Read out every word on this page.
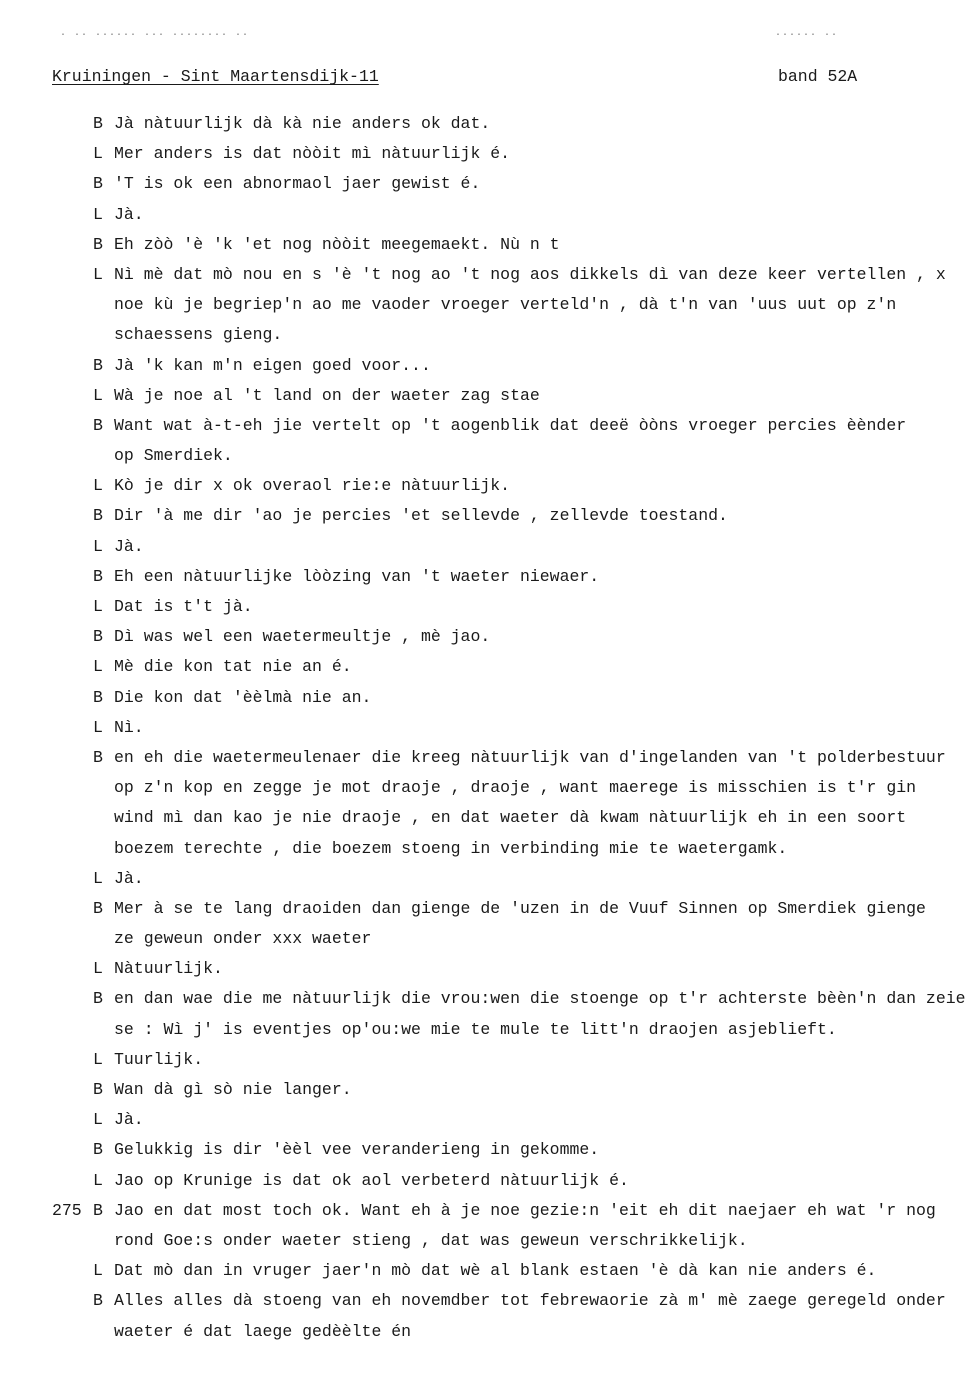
· ·· ······ ··· ········ ··	······ ··
Kruiningen - Sint Maartensdijk-11	band 52A
B Jà nàtuurlijk dà kà nie anders ok dat.
L Mer anders is dat nòòit mì nàtuurlijk é.
B 'T is ok een abnormaol jaer gewist é.
L Jà.
B Eh zòò 'è 'k 'et nog nòòit meegemaekt. Nù n t
L Nì mè dat mò nou en s 'è 't nog ao 't nog aos dikkels dì van deze keer vertellen , x
noe kù je begriep'n ao me vaoder vroeger verteld'n , dà t'n van 'uus uut op z'n
schaessens gieng.
B Jà 'k kan m'n eigen goed voor...
L Wà je noe al 't land on der waeter zag stae
B Want wat à-t-eh jie vertelt op 't aogenblik dat deeë òòns vroeger percies èènder
op Smerdiek.
L Kò je dir x ok overaol rie:e nàtuurlijk.
B Dir 'à me dir 'ao je percies 'et sellevde , zellevde toestand.
L Jà.
B Eh een nàtuurlijke lòòzing van 't waeter niewaer.
L Dat is t't jà.
B Dì was wel een waetermeultje , mè jao.
L Mè die kon tat nie an é.
B Die kon dat 'èèlmà nie an.
L Nì.
B en eh die waetermeulenaer die kreeg nàtuurlijk van d'ingelanden van 't polderbestuur
op z'n kop en zegge je mot draoje , draoje , want maerege is misschien is t'r gin
wind mì dan kao je nie draoje , en dat waeter dà kwam nàtuurlijk eh in een soort
boezem terechte , die boezem stoeng in verbinding mie te waetergamk.
L Jà.
B Mer à se te lang draoiden dan gienge de 'uzen in de Vuuf Sinnen op Smerdiek gienge
ze geweun onder xxx waeter
L Nàtuurlijk.
B en dan wae die me nàtuurlijk die vrou:wen die stoenge op t'r achterste bèèn'n dan zeie
se : Wì j' is eventjes op'ou:we mie te mule te litt'n draojen asjeblieft.
L Tuurlijk.
B Wan dà gì sò nie langer.
L Jà.
B Gelukkig is dir 'èèl vee veranderieng in gekomme.
L Jao op Krunige is dat ok aol verbeterd nàtuurlijk é.
275 B Jao en dat most toch ok. Want eh à je noe gezie:n 'eit eh dit naejaer eh wat 'r nog
rond Goe:s onder waeter stieng , dat was geweun verschrikkelijk.
L Dat mò dan in vruger jaer'n mò dat wè al blank estaen 'è dà kan nie anders é.
B Alles alles dà stoeng van eh novemdber tot febrewaorie zà m' mè zaege geregeld onder
waeter é dat laege gedèèlte én
